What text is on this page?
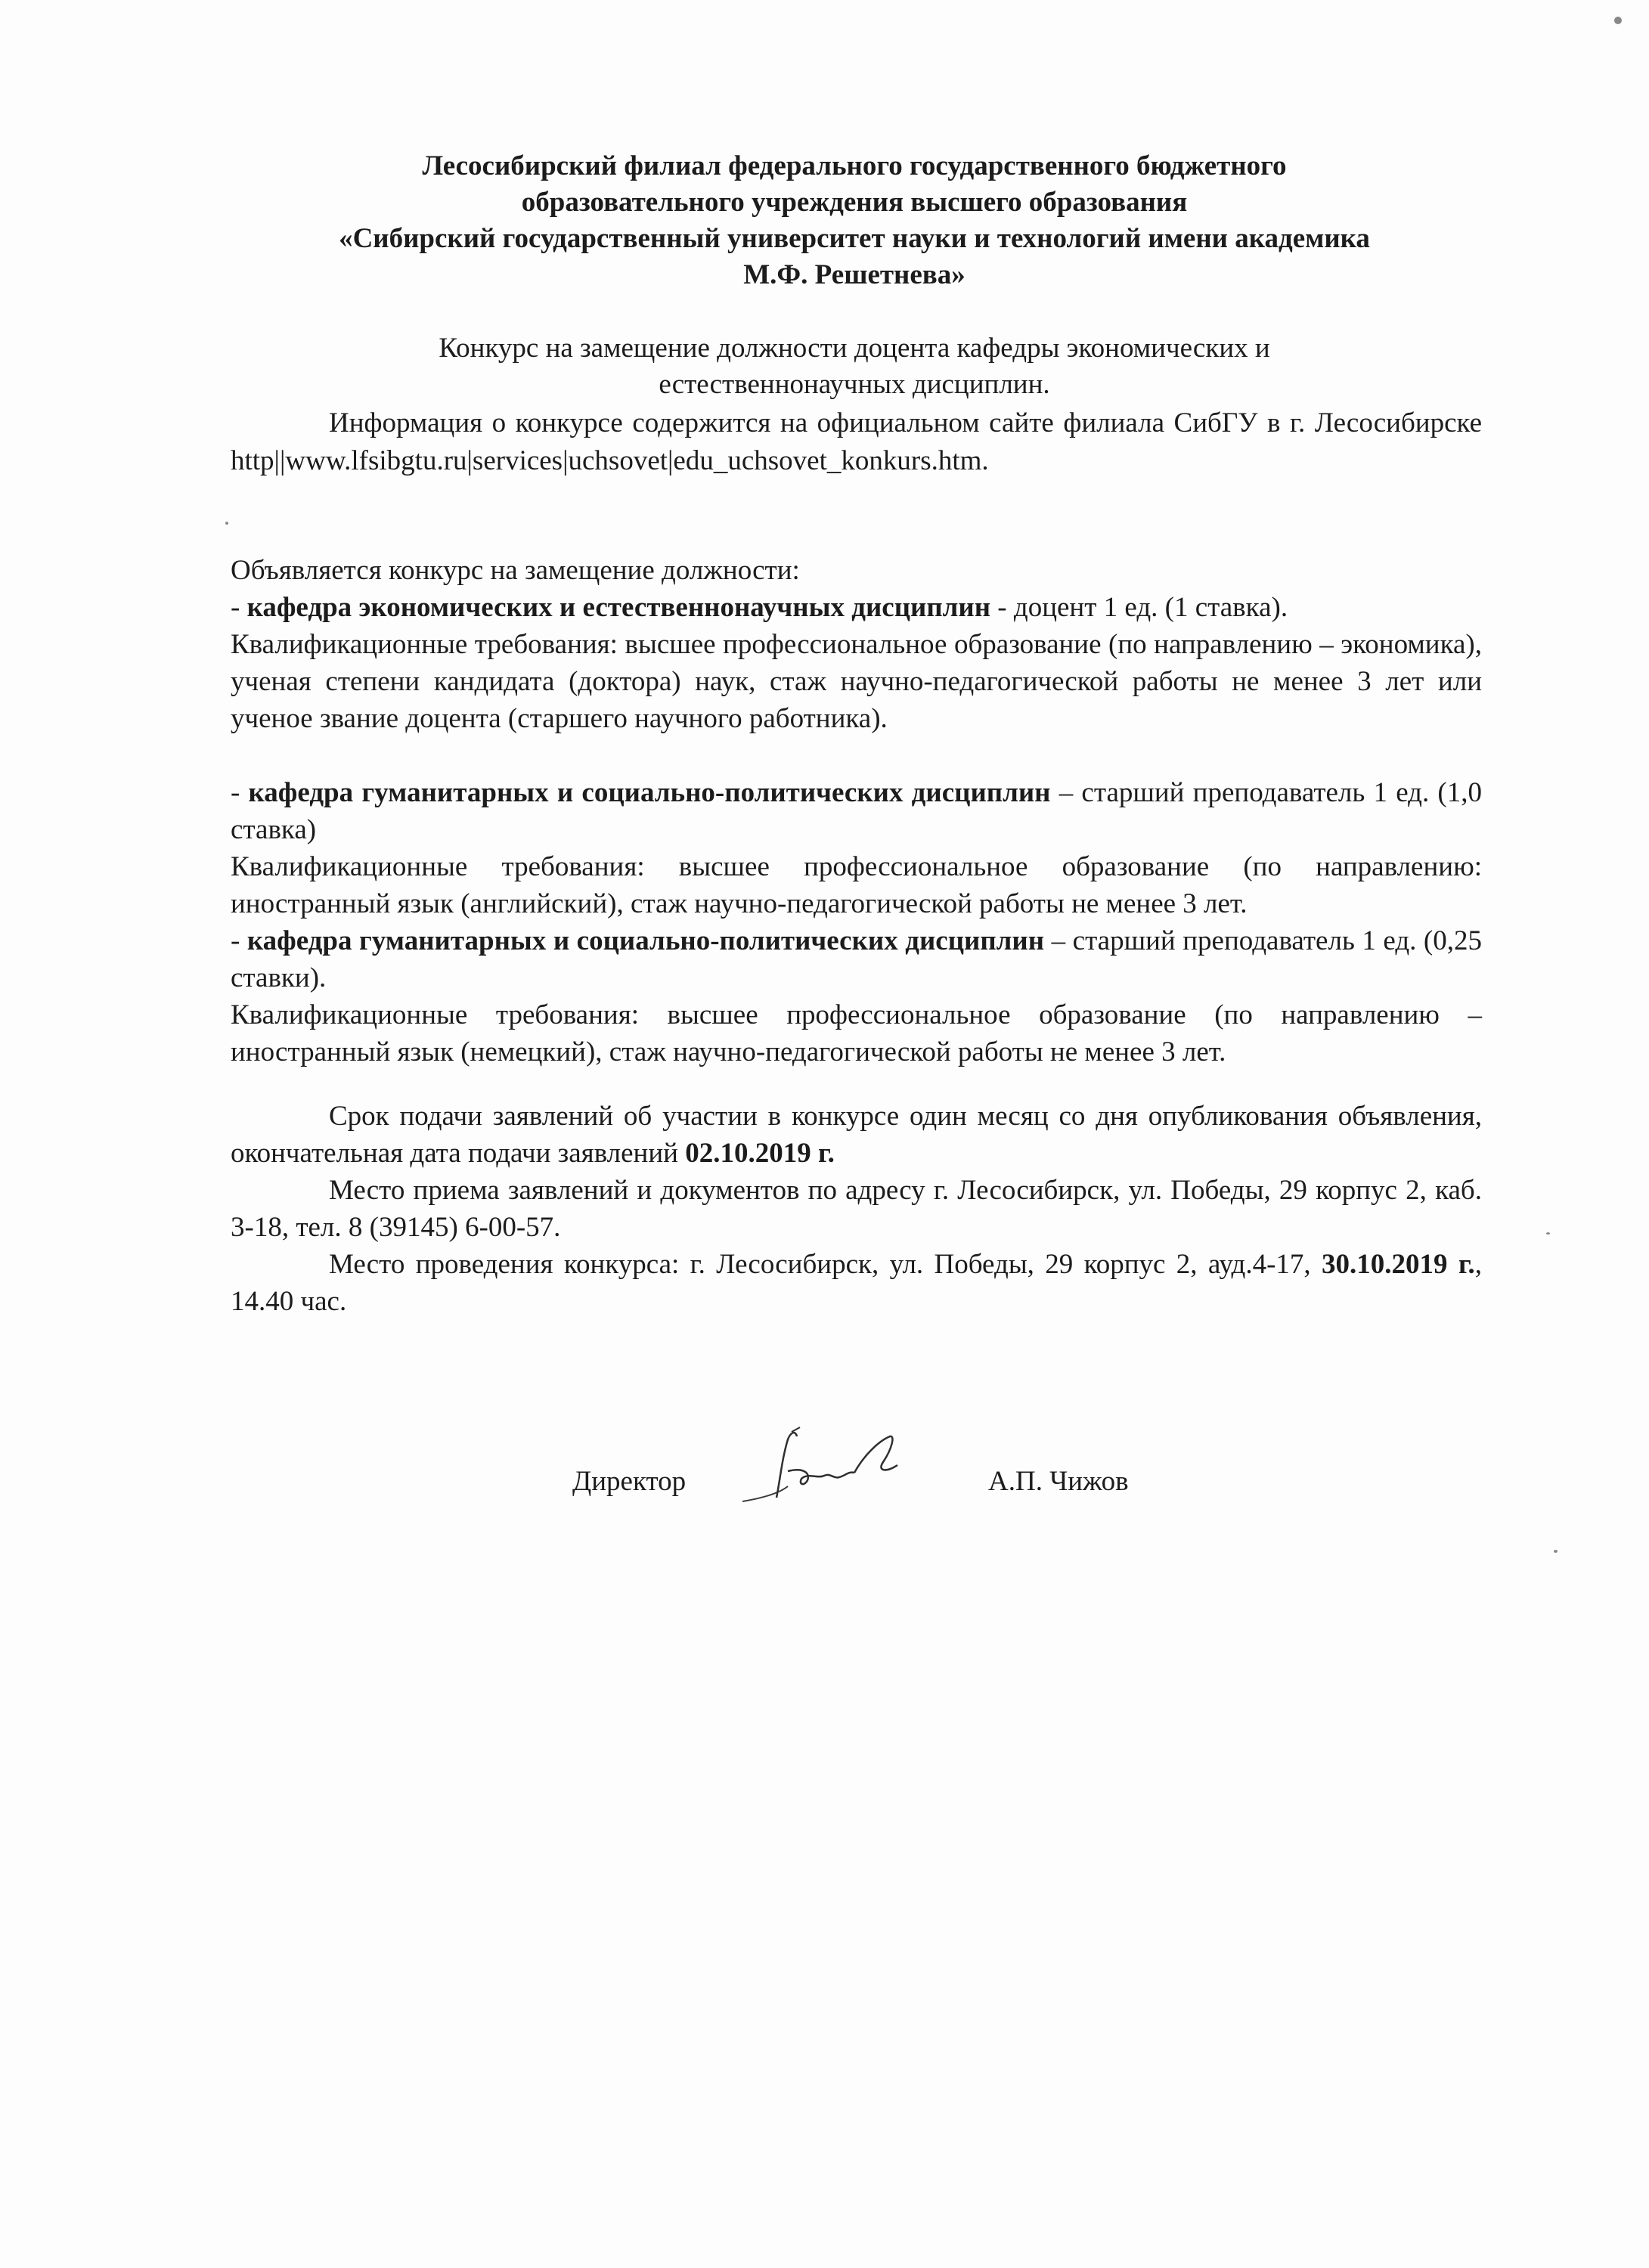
Лесосибирский филиал федерального государственного бюджетного
образовательного учреждения высшего образования
«Сибирский государственный университет науки и технологий имени академика
М.Ф. Решетнева»
Конкурс на замещение должности доцента кафедры экономических и
естественнонаучных дисциплин.

Информация о конкурсе содержится на официальном сайте филиала СибГУ в г. Лесосибирске http||www.lfsibgtu.ru|services|uchsovet|edu_uchsovet_konkurs.htm.

Объявляется конкурс на замещение должности:

- кафедра экономических и естественнонаучных дисциплин - доцент 1 ед. (1 ставка).

Квалификационные требования: высшее профессиональное образование (по направлению – экономика), ученая степени кандидата (доктора) наук, стаж научно-педагогической работы не менее 3 лет или ученое звание доцента (старшего научного работника).

- кафедра гуманитарных и социально-политических дисциплин – старший преподаватель 1 ед. (1,0 ставка)

Квалификационные требования: высшее профессиональное образование (по направлению: иностранный язык (английский), стаж научно-педагогической работы не менее 3 лет.

- кафедра гуманитарных и социально-политических дисциплин – старший преподаватель 1 ед. (0,25 ставки).

Квалификационные требования: высшее профессиональное образование (по направлению – иностранный язык (немецкий), стаж научно-педагогической работы не менее 3 лет.

Срок подачи заявлений об участии в конкурсе один месяц со дня опубликования объявления, окончательная дата подачи заявлений 02.10.2019 г.

Место приема заявлений и документов по адресу г. Лесосибирск, ул. Победы, 29 корпус 2, каб. 3-18, тел. 8 (39145) 6-00-57.

Место проведения конкурса: г. Лесосибирск, ул. Победы, 29 корпус 2, ауд.4-17, 30.10.2019 г., 14.40 час.

Директор	А.П. Чижов
